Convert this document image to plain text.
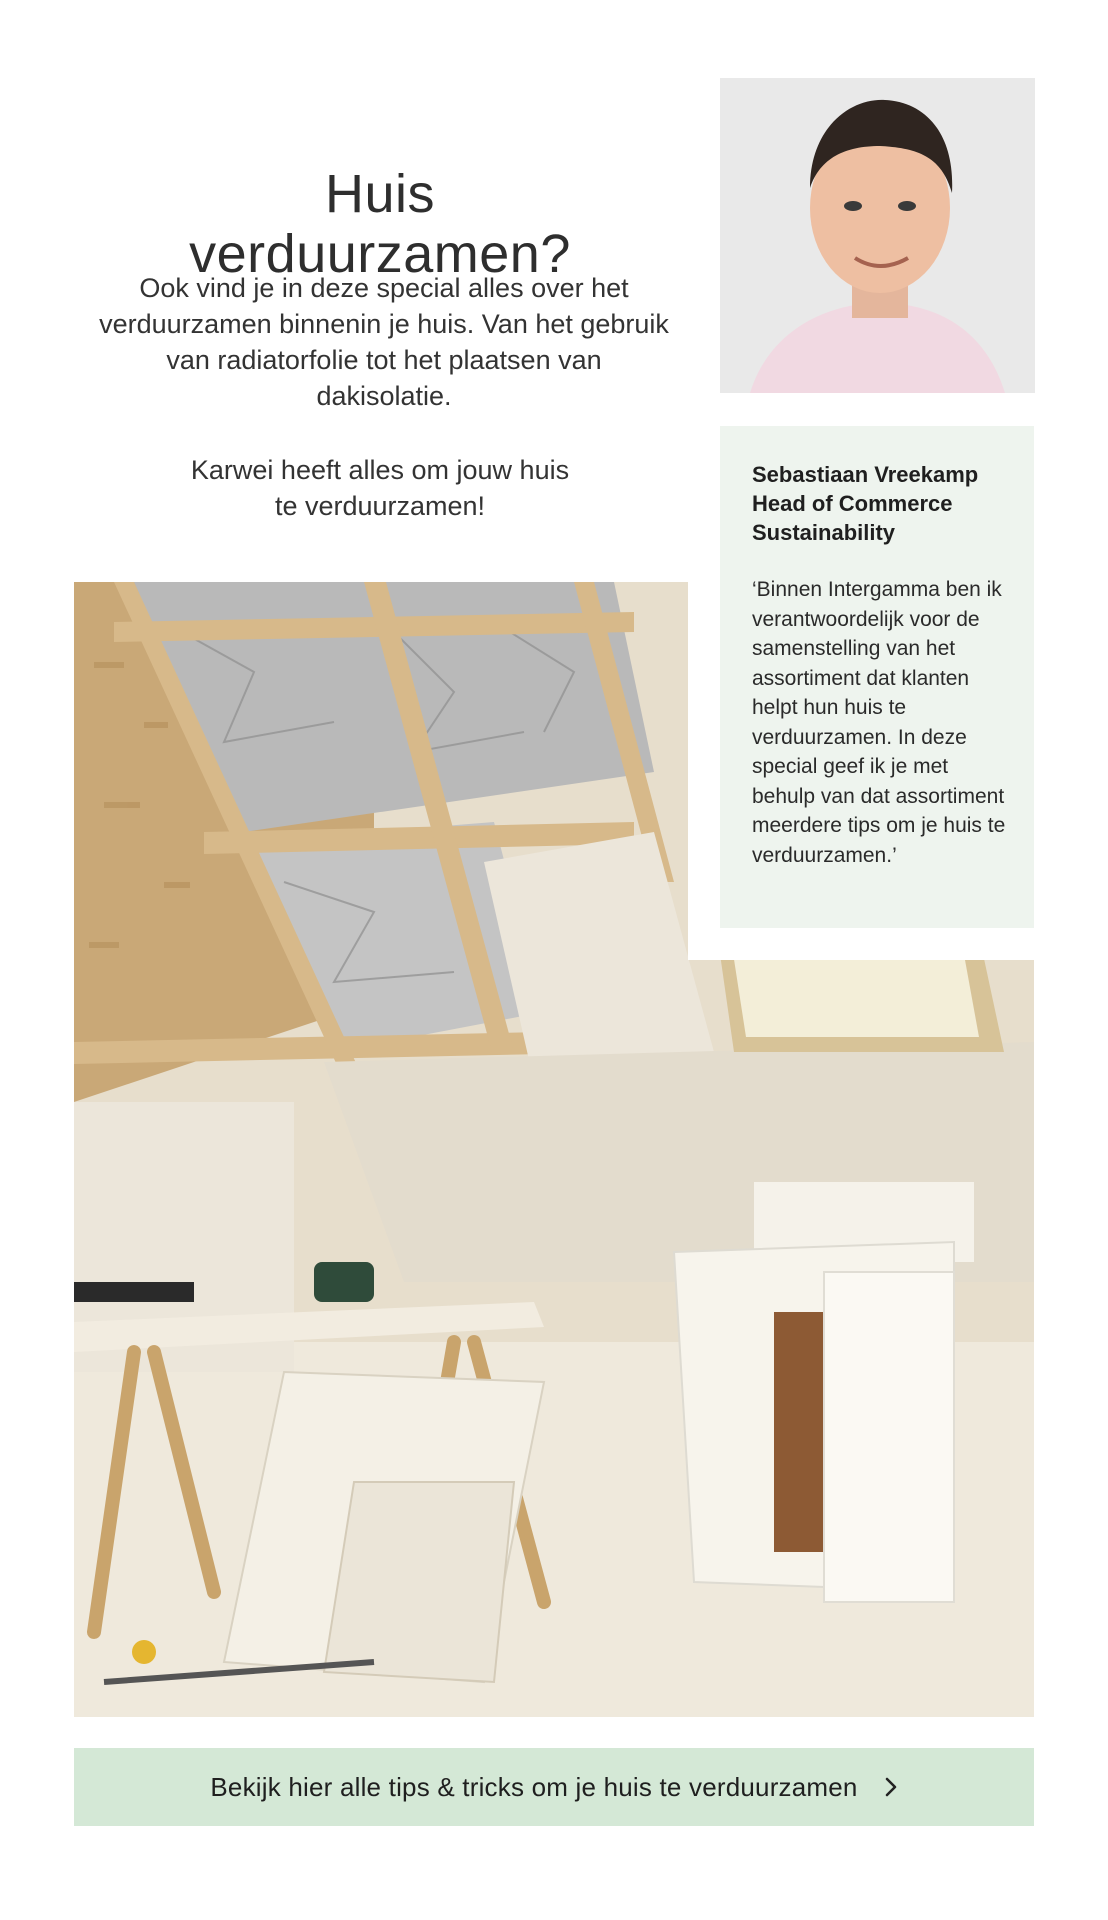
Huis
verduurzamen?

Ook vind je in deze special alles over het verduurzamen binnenin je huis. Van het gebruik van radiatorfolie tot het plaatsen van dakisolatie.

Karwei heeft alles om jouw huis te verduurzamen!

Sebastiaan Vreekamp
Head of Commerce Sustainability

‘Binnen Intergamma ben ik verantwoordelijk voor de samenstelling van het assortiment dat klanten helpt hun huis te verduurzamen. In deze special geef ik je met behulp van dat assortiment meerdere tips om je huis te verduurzamen.’

Bekijk hier alle tips & tricks om je huis te verduurzamen
